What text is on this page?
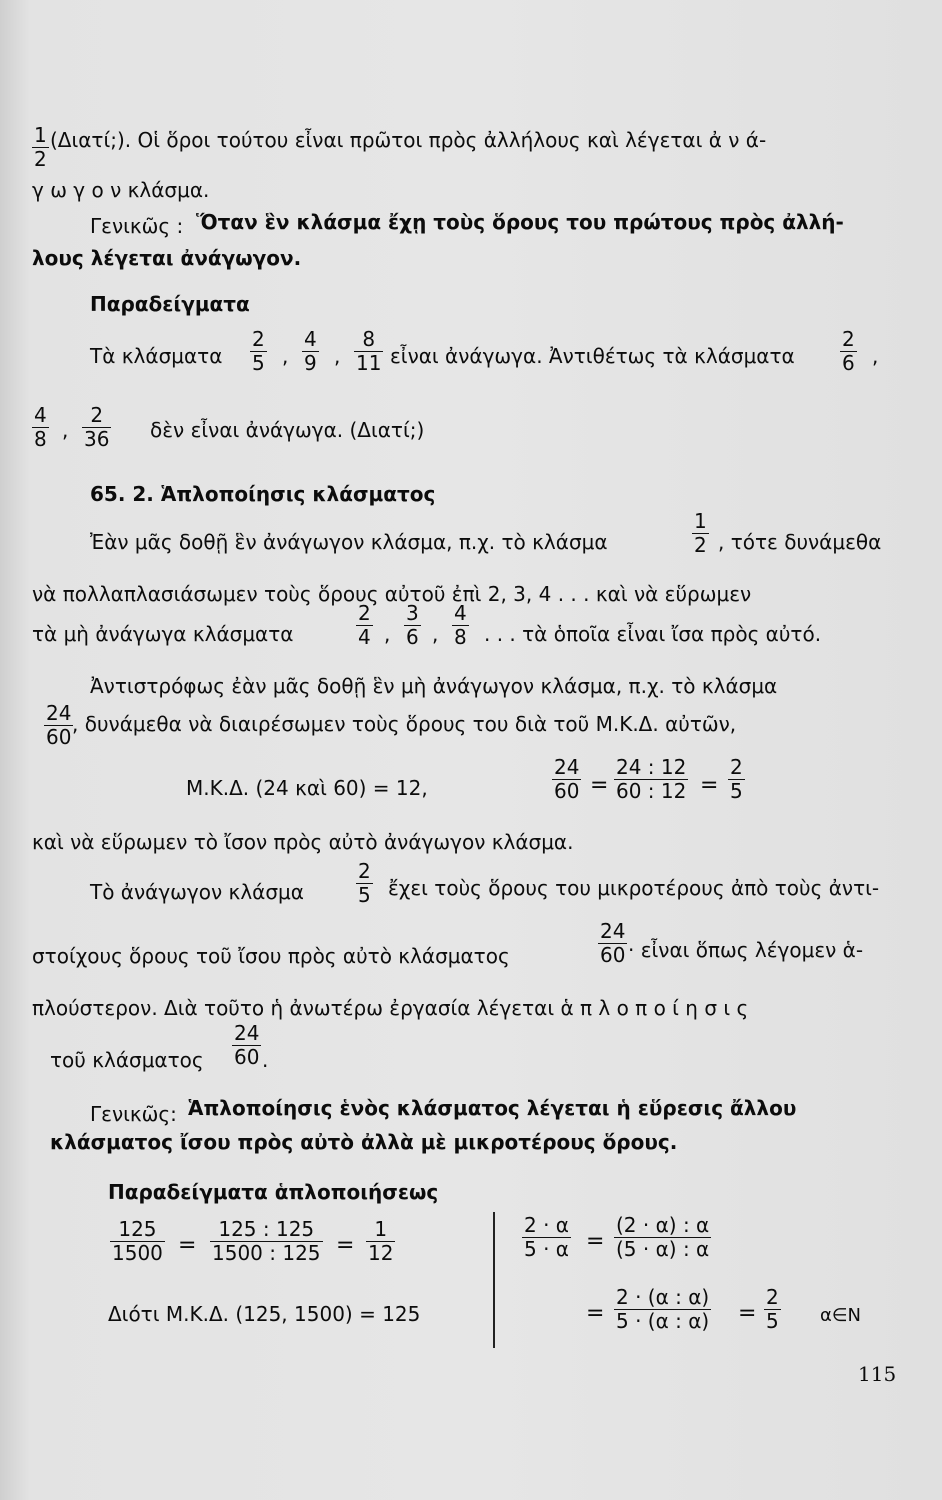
$\frac{1}{2}$ (Διατί;). Οἱ ὅροι τούτου εἶναι πρῶτοι πρὸς ἀλλήλους καὶ λέγεται ἀ ν ά-
γ ω γ ο ν κλάσμα.
Γενικῶς : Ὅταν ἓν κλάσμα ἔχῃ τοὺς ὅρους του πρώτους πρὸς ἀλλή-
λους λέγεται ἀνάγωγον.
Παραδείγματα
Τὰ κλάσματα $\frac{2}{5}$ , $\frac{4}{9}$ , $\frac{8}{11}$ εἶναι ἀνάγωγα. Ἀντιθέτως τὰ κλάσματα $\frac{2}{6}$ ,
$\frac{4}{8}$ , $\frac{2}{36}$ δὲν εἶναι ἀνάγωγα. (Διατί;)
65. 2. Ἁπλοποίησις κλάσματος
Ἐὰν μᾶς δοθῇ ἓν ἀνάγωγον κλάσμα, π.χ. τὸ κλάσμα	$\frac{1}{2}$ , τότε δυνάμεθα
νὰ πολλαπλασιάσωμεν τοὺς ὅρους αὐτοῦ ἐπὶ 2, 3, 4 . . . καὶ νὰ εὕρωμεν
τὰ μὴ ἀνάγωγα κλάσματα	$\frac{2}{4}$ , $\frac{3}{6}$ , $\frac{4}{8}$ . . . τὰ ὁποῖα εἶναι ἴσα πρὸς αὐτό.
Ἀντιστρόφως ἐὰν μᾶς δοθῇ ἓν μὴ ἀνάγωγον κλάσμα, π.χ. τὸ κλάσμα
$\frac{24}{60}$
, δυνάμεθα νὰ διαιρέσωμεν τοὺς ὅρους του διὰ τοῦ Μ.Κ.Δ. αὐτῶν,
Μ.Κ.Δ. (24 καὶ 60) = 12,	$\frac{24}{60} = \frac{24 : 12}{60 : 12} = \frac{2}{5}$
καὶ νὰ εὕρωμεν τὸ ἴσον πρὸς αὐτὸ ἀνάγωγον κλάσμα.
Τὸ ἀνάγωγον κλάσμα	$\frac{2}{5}$ ἔχει τοὺς ὅρους του μικροτέρους ἀπὸ τοὺς ἀντι-
στοίχους ὅρους τοῦ ἴσου πρὸς αὐτὸ κλάσματος	$\frac{24}{60}$ · εἶναι ὅπως λέγομεν ἁ-
πλούστερον. Διὰ τοῦτο ἡ ἀνωτέρω ἐργασία λέγεται ἁ π λ ο π ο ί η σ ι ς
τοῦ κλάσματος $\frac{24}{60}$ .
Γενικῶς: Ἁπλοποίησις ἑνὸς κλάσματος λέγεται ἡ εὕρεσις ἄλλου
κλάσματος ἴσου πρὸς αὐτὸ ἀλλὰ μὲ μικροτέρους ὅρους.
Παραδείγματα ἁπλοποιήσεως
$\frac{125}{1500} = \frac{125 : 125}{1500 : 125} = \frac{1}{12}$
Διότι Μ.Κ.Δ. (125, 1500) = 125
$\frac{2 \cdot \alpha}{5 \cdot \alpha} = \frac{(2 \cdot \alpha) : \alpha}{(5 \cdot \alpha) : \alpha}$
= $\frac{2 \cdot (\alpha : \alpha)}{5 \cdot (\alpha : \alpha)} = \frac{2}{5}$ α∈N
115
